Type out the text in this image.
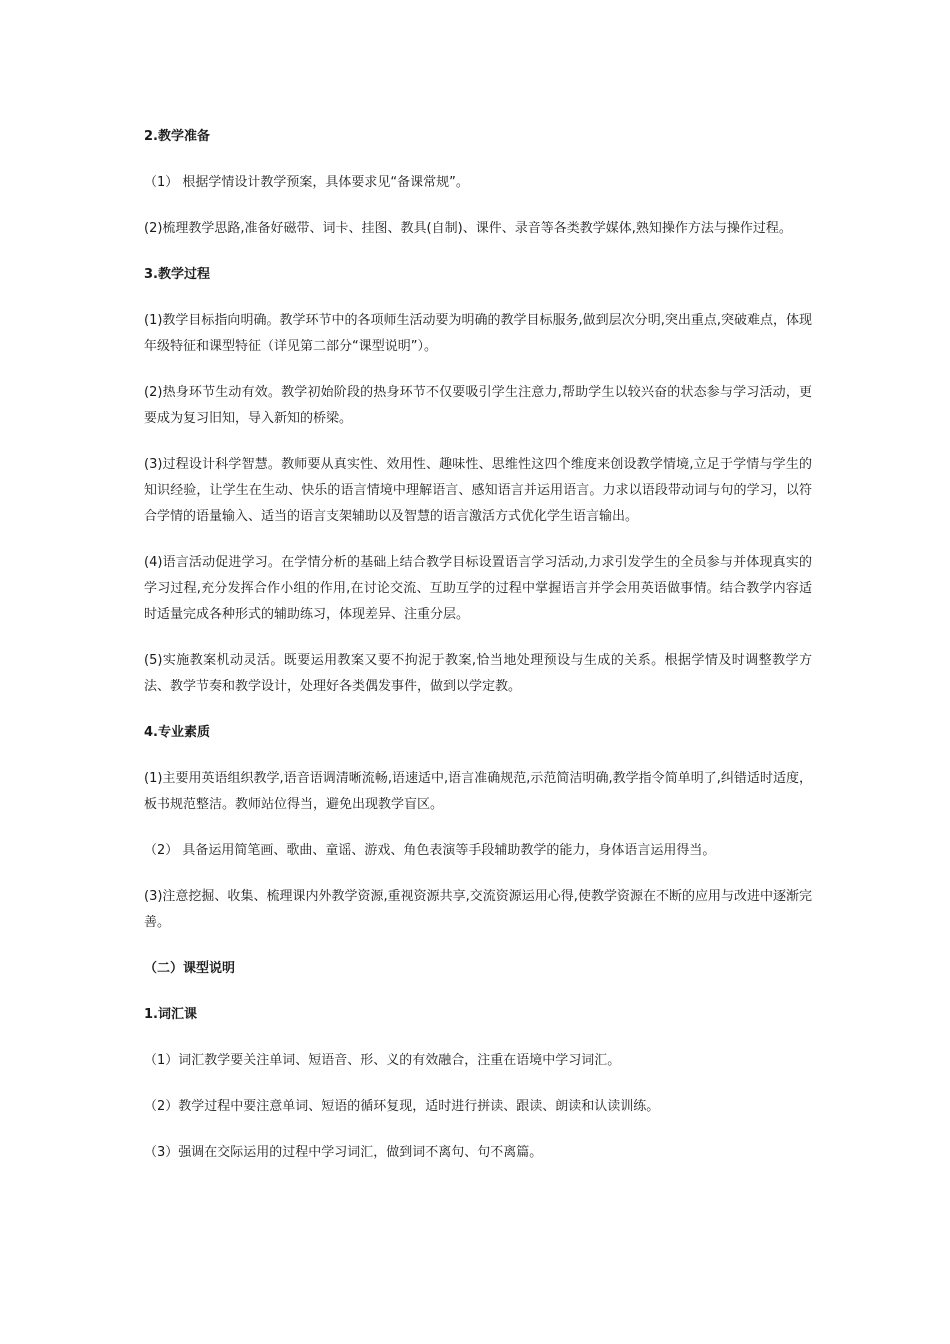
2.教学准备
（1） 根据学情设计教学预案，具体要求见“备课常规”。
(2)梳理教学思路,准备好磁带、词卡、挂图、教具(自制)、课件、录音等各类教学媒体,熟知操作方法与操作过程。
3.教学过程
(1)教学目标指向明确。教学环节中的各项师生活动要为明确的教学目标服务,做到层次分明,突出重点,突破难点，体现年级特征和课型特征（详见第二部分“课型说明”）。
(2)热身环节生动有效。教学初始阶段的热身环节不仅要吸引学生注意力,帮助学生以较兴奋的状态参与学习活动，更要成为复习旧知，导入新知的桥梁。
(3)过程设计科学智慧。教师要从真实性、效用性、趣味性、思维性这四个维度来创设教学情境,立足于学情与学生的知识经验，让学生在生动、快乐的语言情境中理解语言、感知语言并运用语言。力求以语段带动词与句的学习，以符合学情的语量输入、适当的语言支架辅助以及智慧的语言激活方式优化学生语言输出。
(4)语言活动促进学习。在学情分析的基础上结合教学目标设置语言学习活动,力求引发学生的全员参与并体现真实的学习过程,充分发挥合作小组的作用,在讨论交流、互助互学的过程中掌握语言并学会用英语做事情。结合教学内容适时适量完成各种形式的辅助练习，体现差异、注重分层。
(5)实施教案机动灵活。既要运用教案又要不拘泥于教案,恰当地处理预设与生成的关系。根据学情及时调整教学方法、教学节奏和教学设计，处理好各类偶发事件，做到以学定教。
4.专业素质
(1)主要用英语组织教学,语音语调清晰流畅,语速适中,语言准确规范,示范简洁明确,教学指令简单明了,纠错适时适度，板书规范整洁。教师站位得当，避免出现教学盲区。
（2） 具备运用简笔画、歌曲、童谣、游戏、角色表演等手段辅助教学的能力，身体语言运用得当。
(3)注意挖掘、收集、梳理课内外教学资源,重视资源共享,交流资源运用心得,使教学资源在不断的应用与改进中逐渐完善。
（二）课型说明
1.词汇课
（1）词汇教学要关注单词、短语音、形、义的有效融合，注重在语境中学习词汇。
（2）教学过程中要注意单词、短语的循环复现，适时进行拼读、跟读、朗读和认读训练。
（3）强调在交际运用的过程中学习词汇，做到词不离句、句不离篇。
